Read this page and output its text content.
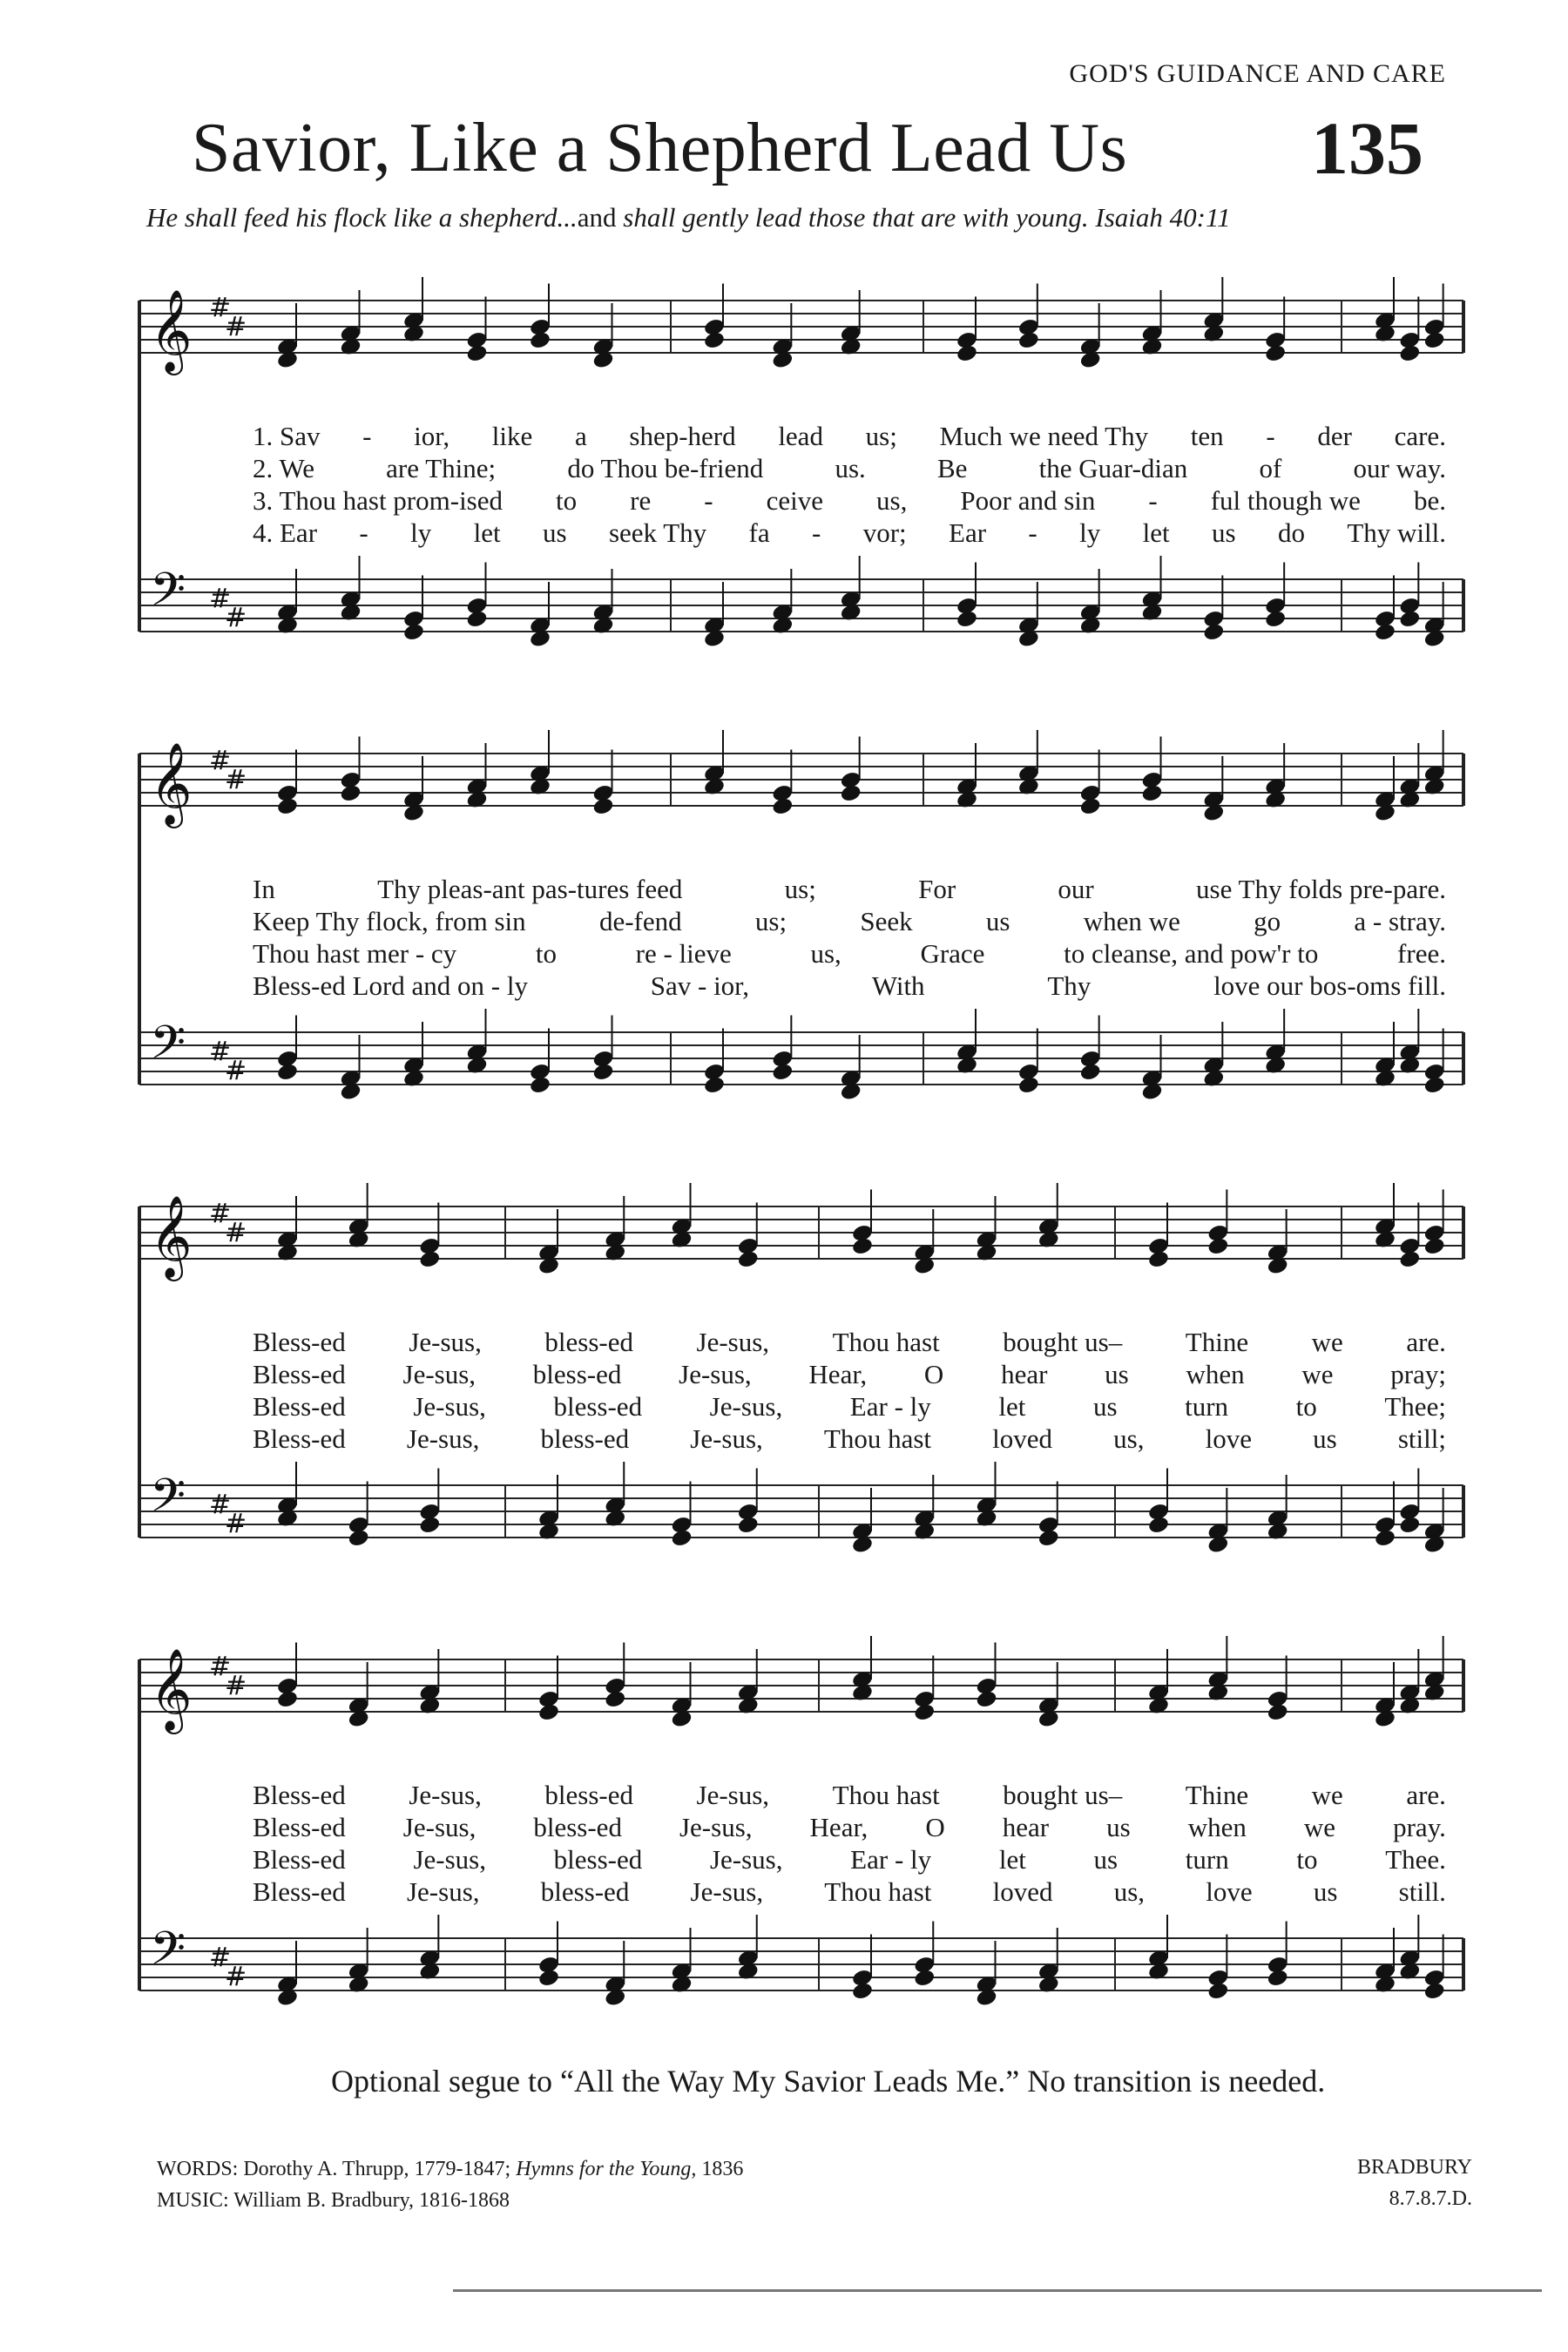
GOD'S GUIDANCE AND CARE
Savior, Like a Shepherd Lead Us 135
He shall feed his flock like a shepherd...and shall gently lead those that are with young. Isaiah 40:11
𝄞
𝄢
#
#
#
#
1. Sav - ior, like a shep-herd lead us; Much we need Thy ten - der care.
2. We	are Thine;	do Thou be-friend	us.	Be	the Guar-dian	of	our way.
3. Thou hast prom-ised to re - ceive us, Poor and sin - ful though we be.
4. Ear - ly let us seek Thy fa - vor; Ear - ly let us do Thy will.
𝄞
𝄢
#
#
#
#
In	Thy pleas-ant pas-tures feed	us;	For	our	use Thy folds pre-pare.
Keep Thy flock, from sin	de-fend	us;	Seek	us	when we	go	a - stray.
Thou hast mer - cy	to	re - lieve	us,	Grace	to cleanse, and pow'r to	free.
Bless-ed Lord and on - ly	Sav - ior,	With	Thy	love our bos-oms fill.
𝄞
𝄢
#
#
#
#
Bless-ed Je-sus, bless-ed Je-sus, Thou hast bought us– Thine we are.
Bless-ed Je-sus, bless-ed Je-sus, Hear, O hear us when we pray;
Bless-ed	Je-sus,	bless-ed	Je-sus,	Ear - ly	let	us	turn	to	Thee;
Bless-ed Je-sus, bless-ed Je-sus, Thou hast loved us, love us still;
𝄞
𝄢
#
#
#
#
Bless-ed Je-sus, bless-ed Je-sus, Thou hast bought us– Thine we are.
Bless-ed Je-sus, bless-ed Je-sus, Hear, O hear us when we pray.
Bless-ed	Je-sus,	bless-ed	Je-sus,	Ear - ly	let	us	turn	to	Thee.
Bless-ed Je-sus, bless-ed Je-sus, Thou hast loved us, love us still.
Optional segue to “All the Way My Savior Leads Me.” No transition is needed.
WORDS: Dorothy A. Thrupp, 1779-1847; Hymns for the Young, 1836
MUSIC: William B. Bradbury, 1816-1868
BRADBURY
8.7.8.7.D.
